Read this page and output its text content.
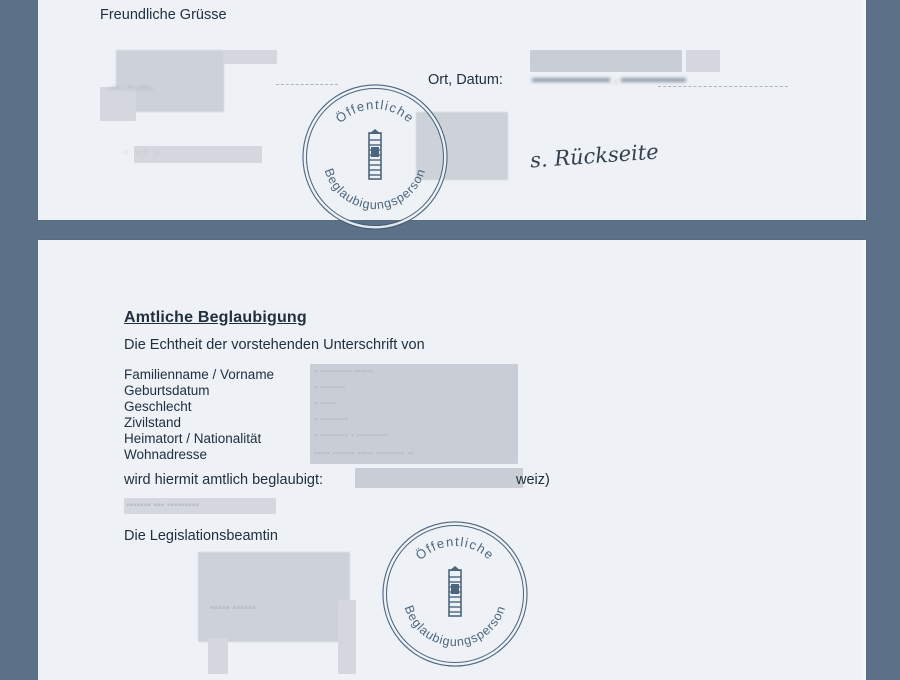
Freundliche Grüsse
⌒⌒⌒
·  · ·  ·
Ort, Datum: ▬▬▬▬▬▬ , ▬▬▬▬▬
s. Rückseite
Öffentliche
Beglaubigungsperson
Amtliche Beglaubigung
Die Echtheit der vorstehenden Unterschrift von
Familienname / Vorname
Geburtsdatum
Geschlecht
Zivilstand
Heimatort / Nationalität
Wohnadresse
▪ ▪▪▪▪▪▪▪▪▪▪ ▪▪▪▪▪▪
▪ ▪▪▪▪▪▪▪▪
▪ ▪▪▪▪▪
▪ ▪▪▪▪▪▪▪▪▪
▪ ▪▪▪▪▪▪▪▪▪ ▪ ▪▪▪▪▪▪▪▪▪▪
▪▪▪▪▪ ▪▪▪▪▪▪▪ ▪▪▪▪▪ ▪▪▪▪▪▪▪▪▪ ▪▪
wird hiermit amtlich beglaubigt:	weiz)
▪▪▪▪▪▪▪ ▪▪▪ ▪▪▪▪▪▪▪▪▪
Die Legislationsbeamtin
▪▪▪▪▪ ▪▪▪▪▪▪
Öffentliche
Beglaubigungsperson
